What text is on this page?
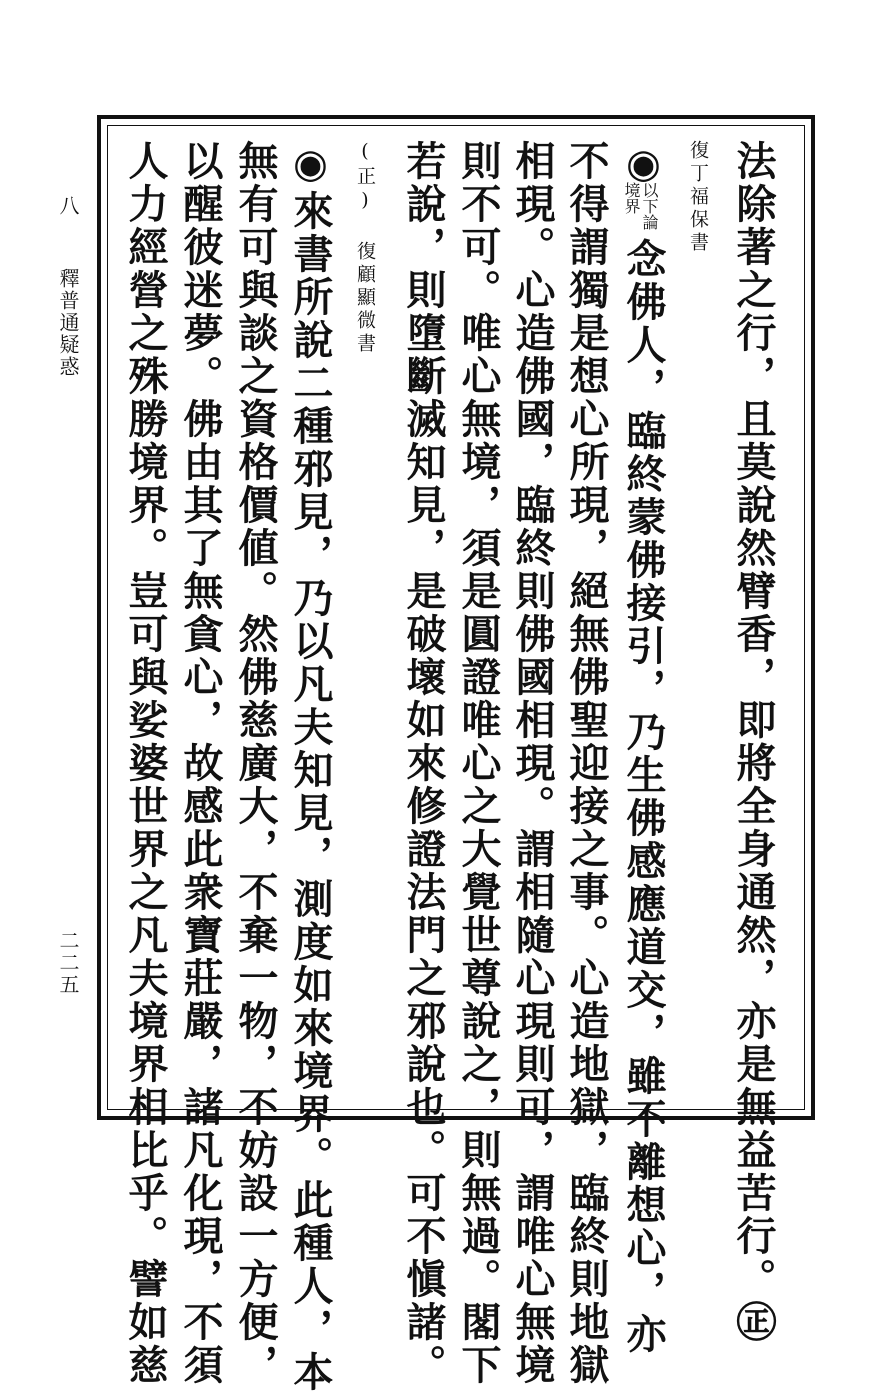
八
釋普通疑惑
二二五	法除著之行，且莫說然臂香，即將全身通然，亦是無益苦行。㊣
復丁福保書
◉
以下論
境界
念佛人，臨終蒙佛接引，乃生佛感應道交，雖不離想心，亦
不得謂獨是想心所現，絕無佛聖迎接之事。心造地獄，臨終則地獄
相現。心造佛國，臨終則佛國相現。謂相隨心現則可，謂唯心無境
則不可。唯心無境，須是圓證唯心之大覺世尊說之，則無過。閣下
若說，則墮斷滅知見，是破壞如來修證法門之邪說也。可不愼諸。
(正) 復顧顯微書
◉來書所說二種邪見，乃以凡夫知見，測度如來境界。此種人，本
無有可與談之資格價値。然佛慈廣大，不棄一物，不妨設一方便，
以醒彼迷夢。佛由其了無貪心，故感此衆寶莊嚴，諸凡化現，不須
人力經營之殊勝境界。豈可與娑婆世界之凡夫境界相比乎。譬如慈
